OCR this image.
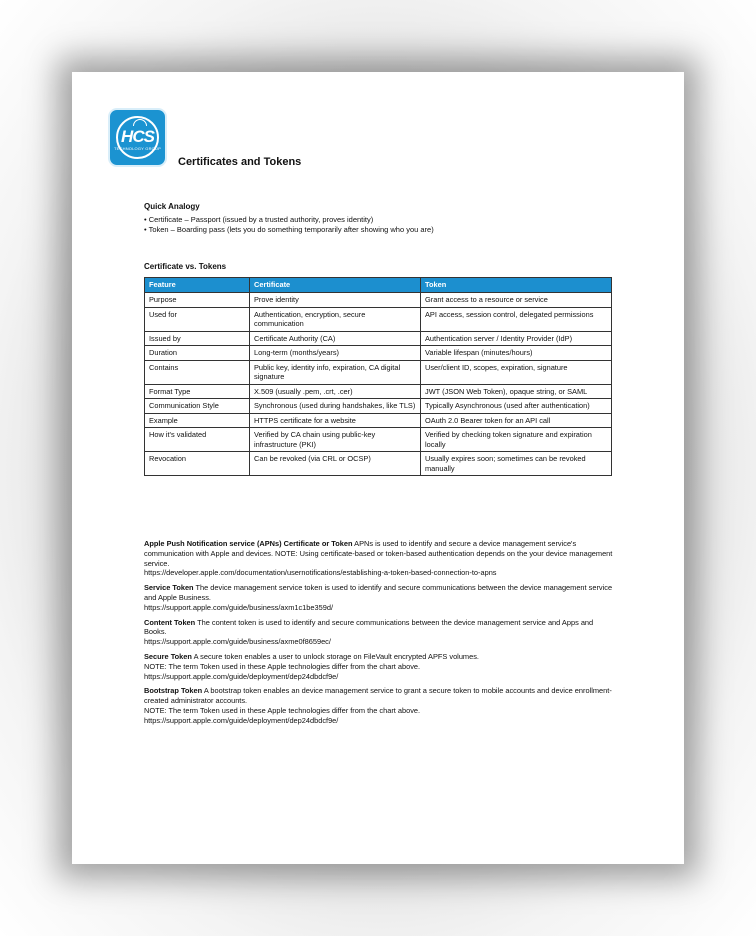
HCS
TECHNOLOGY GROUP
Certificates and Tokens
Quick Analogy
• Certificate – Passport (issued by a trusted authority, proves identity)
• Token – Boarding pass (lets you do something temporarily after showing who you are)
Certificate vs. Tokens
Feature	Certificate	Token
Purpose	Prove identity	Grant access to a resource or service
Used for	Authentication, encryption, secure communication	API access, session control, delegated permissions
Issued by	Certificate Authority (CA)	Authentication server / Identity Provider (IdP)
Duration	Long-term (months/years)	Variable lifespan (minutes/hours)
Contains	Public key, identity info, expiration, CA digital signature	User/client ID, scopes, expiration, signature
Format Type	X.509 (usually .pem, .crt, .cer)	JWT (JSON Web Token), opaque string, or SAML
Communication Style	Synchronous (used during handshakes, like TLS)	Typically Asynchronous (used after authentication)
Example	HTTPS certificate for a website	OAuth 2.0 Bearer token for an API call
How it's validated	Verified by CA chain using public-key infrastructure (PKI)	Verified by checking token signature and expiration locally
Revocation	Can be revoked (via CRL or OCSP)	Usually expires soon; sometimes can be revoked manually
Apple Push Notification service (APNs) Certificate or Token APNs is used to identify and secure a device management service's communication with Apple and devices. NOTE: Using certificate-based or token-based authentication depends on the your device management service.
https://developer.apple.com/documentation/usernotifications/establishing-a-token-based-connection-to-apns
Service Token The device management service token is used to identify and secure communications between the device management service and Apple Business.
https://support.apple.com/guide/business/axm1c1be359d/
Content Token The content token is used to identify and secure communications between the device management service and Apps and Books.
https://support.apple.com/guide/business/axme0f8659ec/
Secure Token A secure token enables a user to unlock storage on FileVault encrypted APFS volumes.
NOTE: The term Token used in these Apple technologies differ from the chart above.
https://support.apple.com/guide/deployment/dep24dbdcf9e/
Bootstrap Token A bootstrap token enables an device management service to grant a secure token to mobile accounts and device enrollment-created administrator accounts.
NOTE: The term Token used in these Apple technologies differ from the chart above.
https://support.apple.com/guide/deployment/dep24dbdcf9e/
